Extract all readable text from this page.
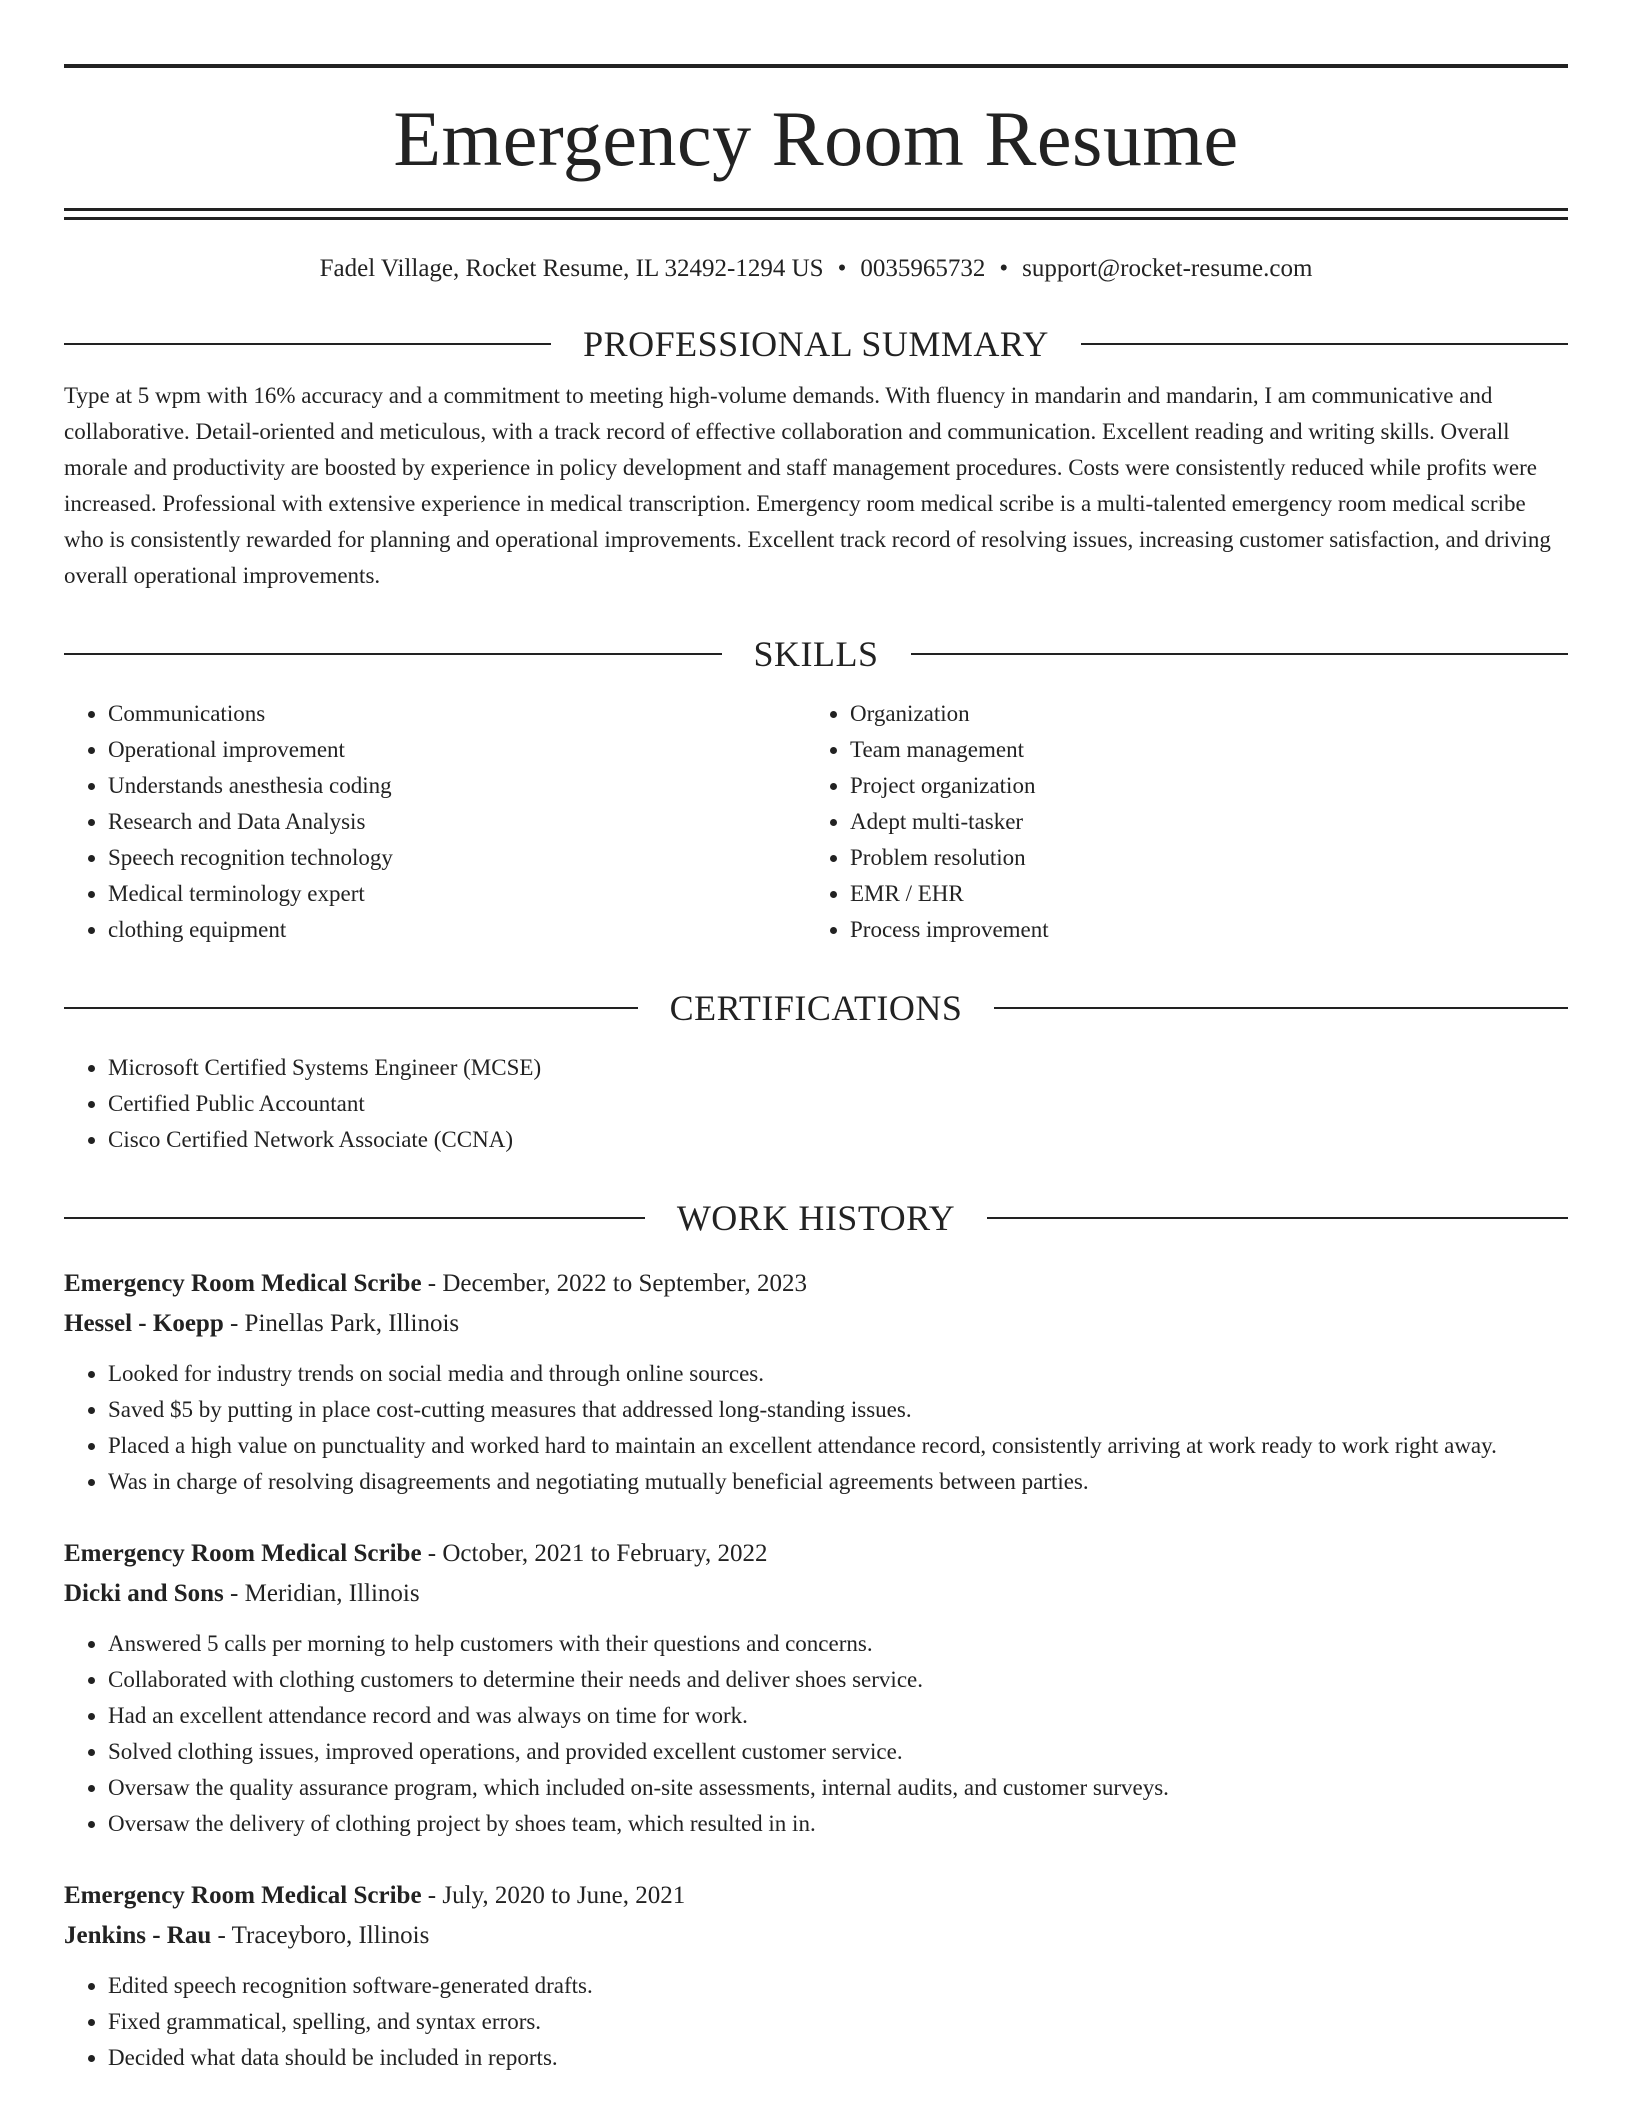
Emergency Room Resume
Fadel Village, Rocket Resume, IL 32492-1294 US • 0035965732 • support@rocket-resume.com
PROFESSIONAL SUMMARY
Type at 5 wpm with 16% accuracy and a commitment to meeting high-volume demands. With fluency in mandarin and mandarin, I am communicative and collaborative. Detail-oriented and meticulous, with a track record of effective collaboration and communication. Excellent reading and writing skills. Overall morale and productivity are boosted by experience in policy development and staff management procedures. Costs were consistently reduced while profits were increased. Professional with extensive experience in medical transcription. Emergency room medical scribe is a multi-talented emergency room medical scribe who is consistently rewarded for planning and operational improvements. Excellent track record of resolving issues, increasing customer satisfaction, and driving overall operational improvements.
SKILLS
• Communications
• Operational improvement
• Understands anesthesia coding
• Research and Data Analysis
• Speech recognition technology
• Medical terminology expert
• clothing equipment
• Organization
• Team management
• Project organization
• Adept multi-tasker
• Problem resolution
• EMR / EHR
• Process improvement
CERTIFICATIONS
• Microsoft Certified Systems Engineer (MCSE)
• Certified Public Accountant
• Cisco Certified Network Associate (CCNA)
WORK HISTORY
Emergency Room Medical Scribe - December, 2022 to September, 2023
Hessel - Koepp - Pinellas Park, Illinois
• Looked for industry trends on social media and through online sources.
• Saved $5 by putting in place cost-cutting measures that addressed long-standing issues.
• Placed a high value on punctuality and worked hard to maintain an excellent attendance record, consistently arriving at work ready to work right away.
• Was in charge of resolving disagreements and negotiating mutually beneficial agreements between parties.
Emergency Room Medical Scribe - October, 2021 to February, 2022
Dicki and Sons - Meridian, Illinois
• Answered 5 calls per morning to help customers with their questions and concerns.
• Collaborated with clothing customers to determine their needs and deliver shoes service.
• Had an excellent attendance record and was always on time for work.
• Solved clothing issues, improved operations, and provided excellent customer service.
• Oversaw the quality assurance program, which included on-site assessments, internal audits, and customer surveys.
• Oversaw the delivery of clothing project by shoes team, which resulted in in.
Emergency Room Medical Scribe - July, 2020 to June, 2021
Jenkins - Rau - Traceyboro, Illinois
• Edited speech recognition software-generated drafts.
• Fixed grammatical, spelling, and syntax errors.
• Decided what data should be included in reports.
